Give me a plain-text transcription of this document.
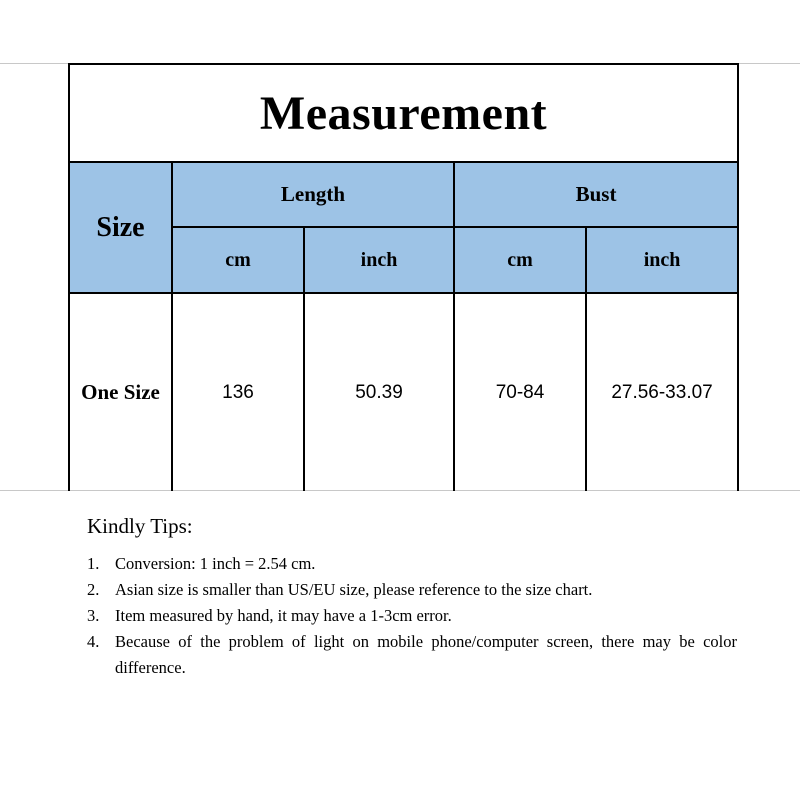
Measurement				
Size	Length		Bust	
	cm	inch	cm	inch
One Size	136	50.39	70-84	27.56-33.07
Kindly Tips:
1. Conversion: 1 inch = 2.54 cm.
2. Asian size is smaller than US/EU size, please reference to the size chart.
3. Item measured by hand, it may have a 1-3cm error.
4. Because of the problem of light on mobile phone/computer screen, there may be color difference.
